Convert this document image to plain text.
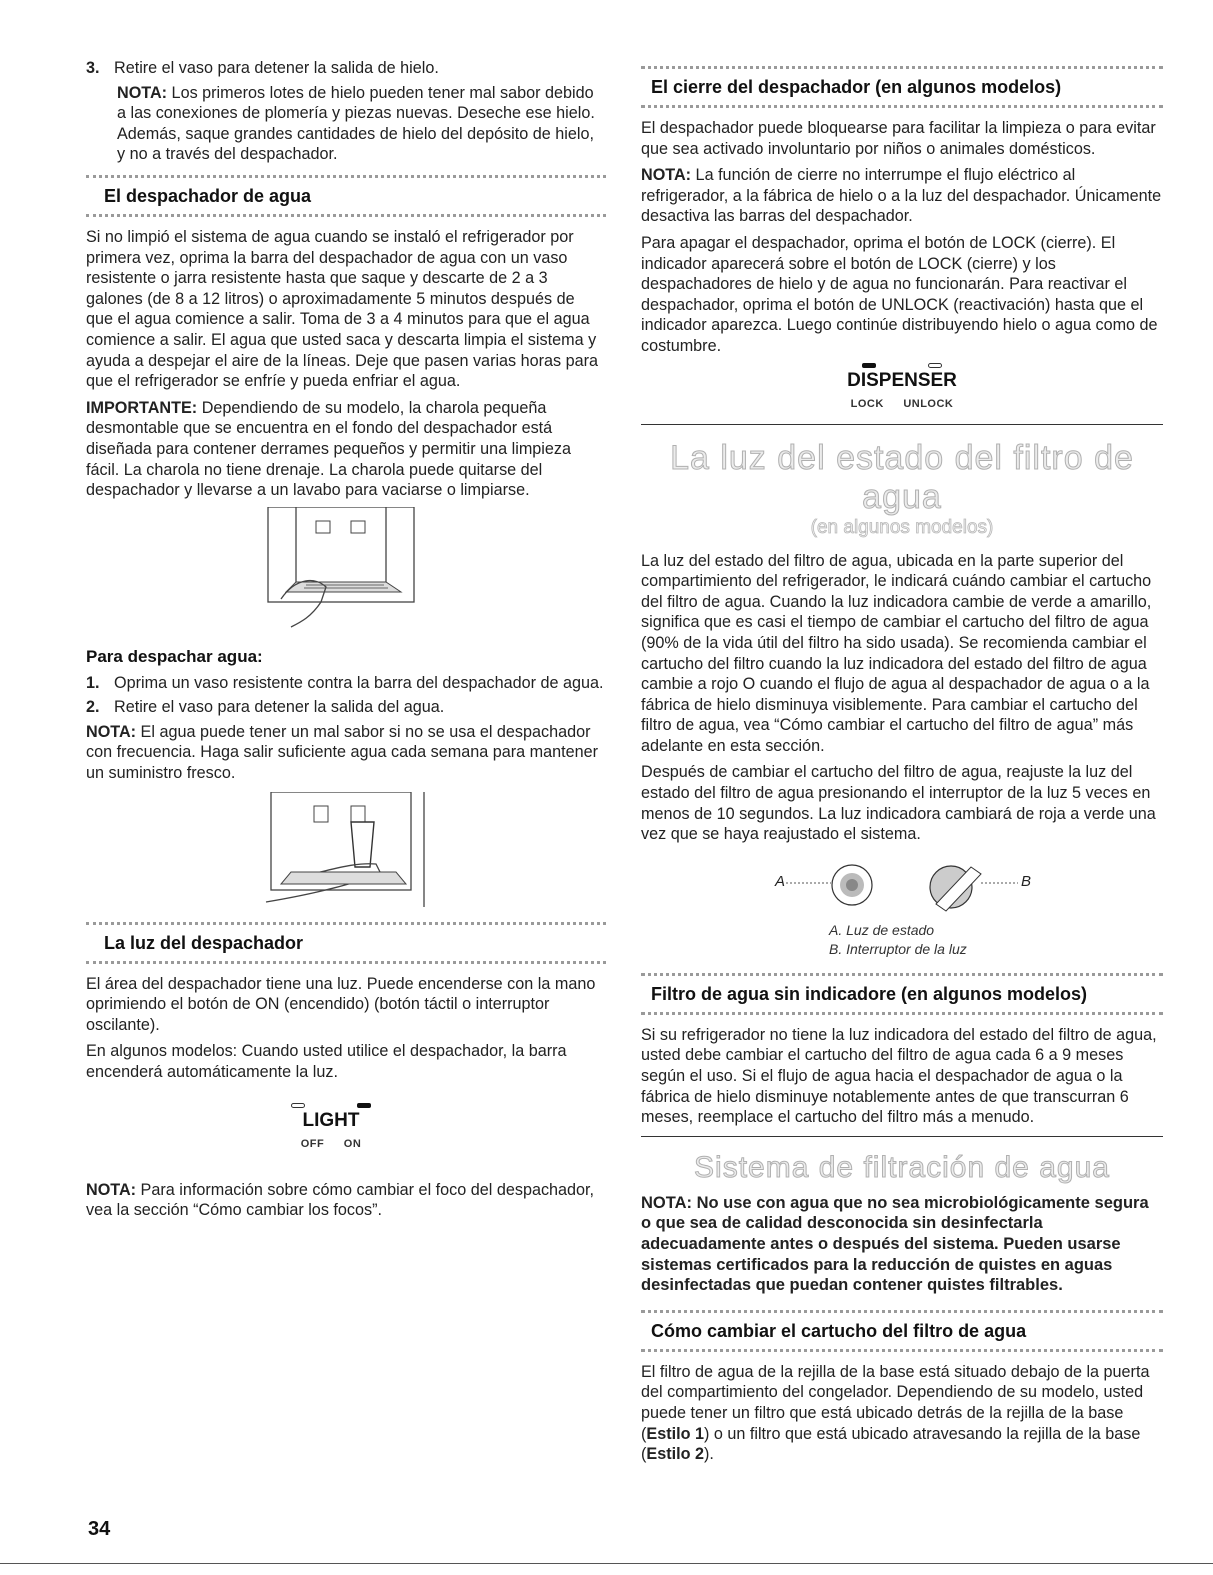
3. Retire el vaso para detener la salida de hielo.

NOTA: Los primeros lotes de hielo pueden tener mal sabor debido a las conexiones de plomería y piezas nuevas. Deseche ese hielo. Además, saque grandes cantidades de hielo del depósito de hielo, y no a través del despachador.

El despachador de agua

Si no limpió el sistema de agua cuando se instaló el refrigerador por primera vez, oprima la barra del despachador de agua con un vaso resistente o jarra resistente hasta que saque y descarte de 2 a 3 galones (de 8 a 12 litros) o aproximadamente 5 minutos después de que el agua comience a salir. Toma de 3 a 4 minutos para que el agua comience a salir. El agua que usted saca y descarta limpia el sistema y ayuda a despejar el aire de la líneas. Deje que pasen varias horas para que el refrigerador se enfríe y pueda enfriar el agua.

IMPORTANTE: Dependiendo de su modelo, la charola pequeña desmontable que se encuentra en el fondo del despachador está diseñada para contener derrames pequeños y permitir una limpieza fácil. La charola no tiene drenaje. La charola puede quitarse del despachador y llevarse a un lavabo para vaciarse o limpiarse.

Para despachar agua:
1. Oprima un vaso resistente contra la barra del despachador de agua.
2. Retire el vaso para detener la salida del agua.

NOTA: El agua puede tener un mal sabor si no se usa el despachador con frecuencia. Haga salir suficiente agua cada semana para mantener un suministro fresco.

La luz del despachador

El área del despachador tiene una luz. Puede encenderse con la mano oprimiendo el botón de ON (encendido) (botón táctil o interruptor oscilante).

En algunos modelos: Cuando usted utilice el despachador, la barra encenderá automáticamente la luz.

LIGHT
OFF ON

NOTA: Para información sobre cómo cambiar el foco del despachador, vea la sección “Cómo cambiar los focos”.

El cierre del despachador (en algunos modelos)

El despachador puede bloquearse para facilitar la limpieza o para evitar que sea activado involuntario por niños o animales domésticos.

NOTA: La función de cierre no interrumpe el flujo eléctrico al refrigerador, a la fábrica de hielo o a la luz del despachador. Únicamente desactiva las barras del despachador.

Para apagar el despachador, oprima el botón de LOCK (cierre). El indicador aparecerá sobre el botón de LOCK (cierre) y los despachadores de hielo y de agua no funcionarán. Para reactivar el despachador, oprima el botón de UNLOCK (reactivación) hasta que el indicador aparezca. Luego continúe distribuyendo hielo o agua como de costumbre.

DISPENSER
LOCK UNLOCK
La luz del estado del filtro de agua
(en algunos modelos)

La luz del estado del filtro de agua, ubicada en la parte superior del compartimiento del refrigerador, le indicará cuándo cambiar el cartucho del filtro de agua. Cuando la luz indicadora cambie de verde a amarillo, significa que es casi el tiempo de cambiar el cartucho del filtro de agua (90% de la vida útil del filtro ha sido usada). Se recomienda cambiar el cartucho del filtro cuando la luz indicadora del estado del filtro de agua cambie a rojo O cuando el flujo de agua al despachador de agua o a la fábrica de hielo disminuya visiblemente. Para cambiar el cartucho del filtro de agua, vea “Cómo cambiar el cartucho del filtro de agua” más adelante en esta sección.

Después de cambiar el cartucho del filtro de agua, reajuste la luz del estado del filtro de agua presionando el interruptor de la luz 5 veces en menos de 10 segundos. La luz indicadora cambiará de roja a verde una vez que se haya reajustado el sistema.

A	B
A. Luz de estado
B. Interruptor de la luz
Filtro de agua sin indicadore (en algunos modelos)

Si su refrigerador no tiene la luz indicadora del estado del filtro de agua, usted debe cambiar el cartucho del filtro de agua cada 6 a 9 meses según el uso. Si el flujo de agua hacia el despachador de agua o la fábrica de hielo disminuye notablemente antes de que transcurran 6 meses, reemplace el cartucho del filtro más a menudo.

Sistema de filtración de agua

NOTA: No use con agua que no sea microbiológicamente segura o que sea de calidad desconocida sin desinfectarla adecuadamente antes o después del sistema. Pueden usarse sistemas certificados para la reducción de quistes en aguas desinfectadas que puedan contener quistes filtrables.

Cómo cambiar el cartucho del filtro de agua

El filtro de agua de la rejilla de la base está situado debajo de la puerta del compartimiento del congelador. Dependiendo de su modelo, usted puede tener un filtro que está ubicado detrás de la rejilla de la base (Estilo 1) o un filtro que está ubicado atravesando la rejilla de la base (Estilo 2).

34
